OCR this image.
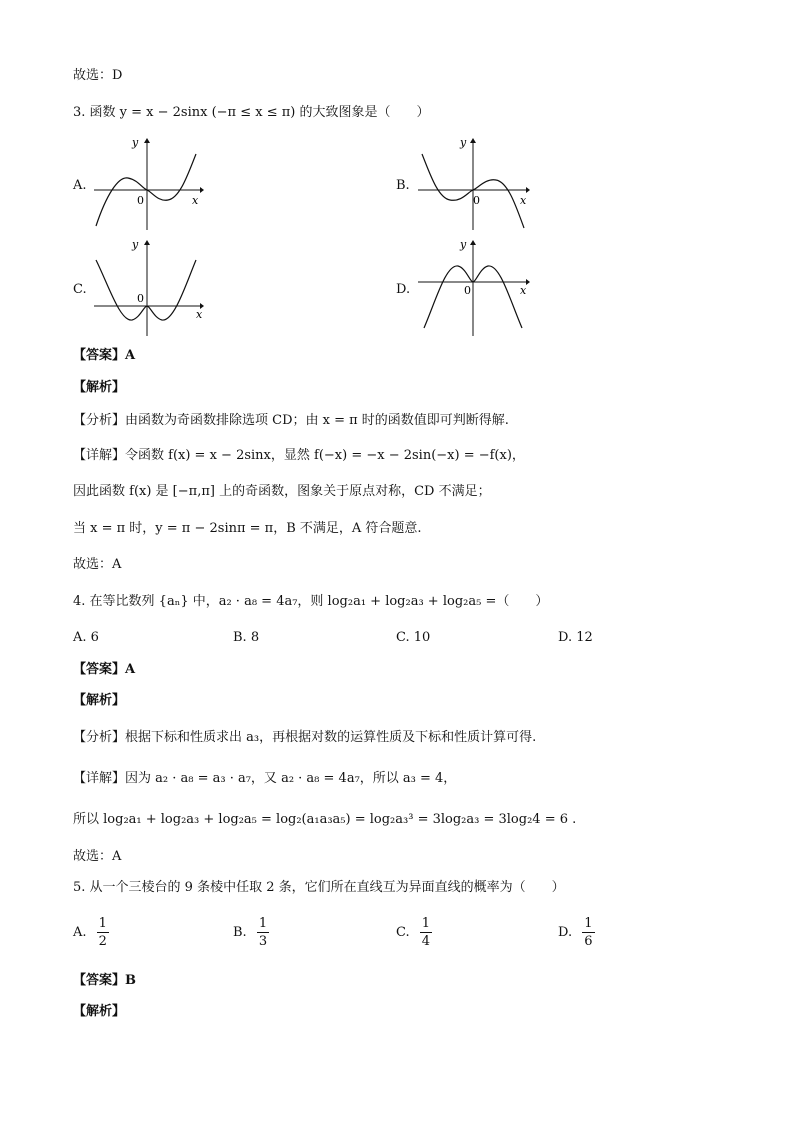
故选：D
3. 函数 y = x − 2sinx (−π ≤ x ≤ π) 的大致图象是（　　）
A.
y
x
0
B.
y
x
0
C.
y
x
0
D.
y
x
0
【答案】A
【解析】
【分析】由函数为奇函数排除选项 CD；由 x = π 时的函数值即可判断得解.
【详解】令函数 f(x) = x − 2sinx，显然 f(−x) = −x − 2sin(−x) = −f(x)，
因此函数 f(x) 是 [−π,π] 上的奇函数，图象关于原点对称，CD 不满足；
当 x = π 时，y = π − 2sinπ = π，B 不满足，A 符合题意.
故选：A
4. 在等比数列 {aₙ} 中，a₂ · a₈ = 4a₇，则 log₂a₁ + log₂a₃ + log₂a₅ =（　　）
A. 6	B. 8	C. 10	D. 12
【答案】A
【解析】
【分析】根据下标和性质求出 a₃，再根据对数的运算性质及下标和性质计算可得.
【详解】因为 a₂ · a₈ = a₃ · a₇，又 a₂ · a₈ = 4a₇，所以 a₃ = 4，
所以 log₂a₁ + log₂a₃ + log₂a₅ = log₂(a₁a₃a₅) = log₂a₃³ = 3log₂a₃ = 3log₂4 = 6 .
故选：A
5. 从一个三棱台的 9 条棱中任取 2 条，它们所在直线互为异面直线的概率为（　　）
A. $\frac{1}{2}$	B. $\frac{1}{3}$	C. $\frac{1}{4}$	D. $\frac{1}{6}$
【答案】B
【解析】
